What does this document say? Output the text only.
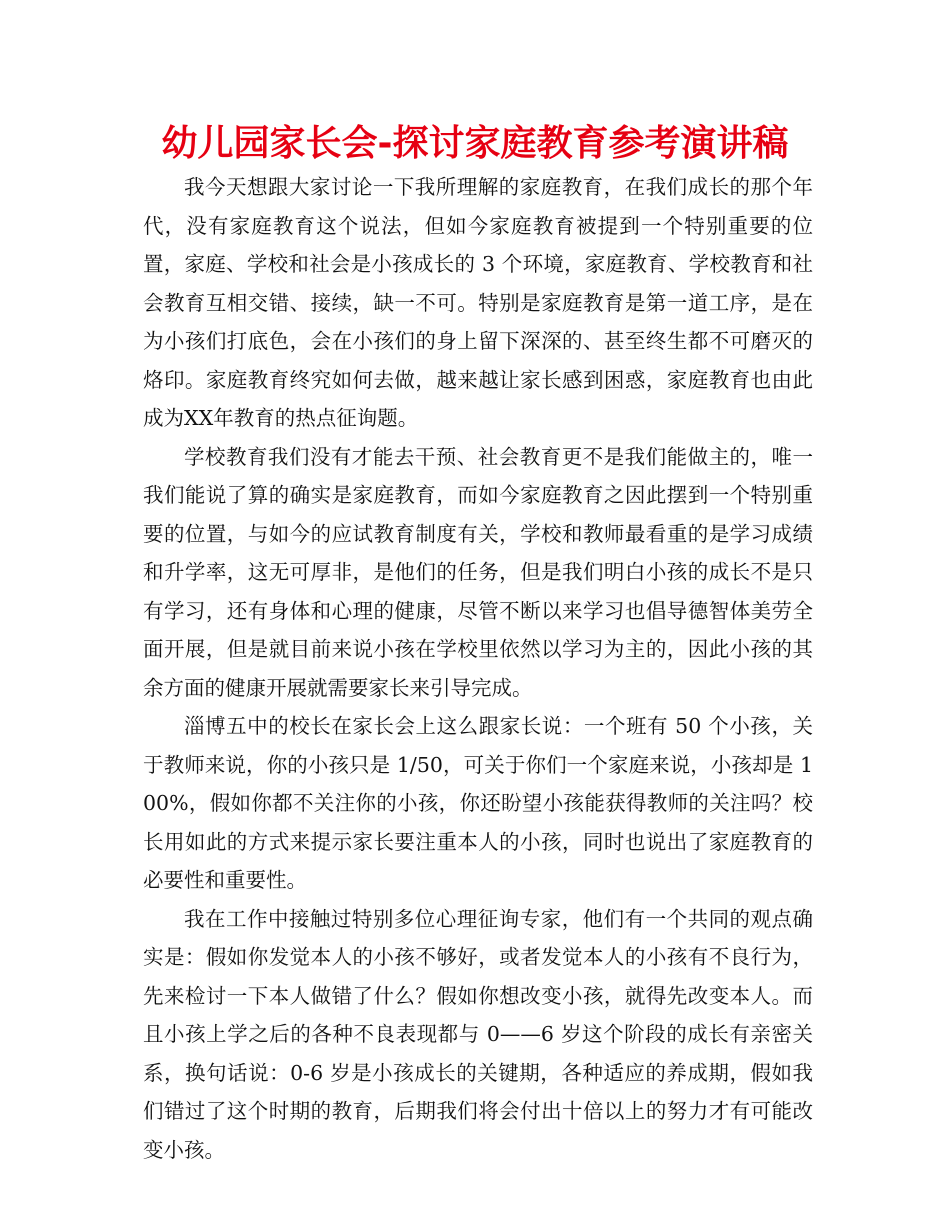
幼儿园家长会-探讨家庭教育参考演讲稿

我今天想跟大家讨论一下我所理解的家庭教育，在我们成长的那个年代，没有家庭教育这个说法，但如今家庭教育被提到一个特别重要的位置，家庭、学校和社会是小孩成长的 3 个环境，家庭教育、学校教育和社会教育互相交错、接续，缺一不可。特别是家庭教育是第一道工序，是在为小孩们打底色，会在小孩们的身上留下深深的、甚至终生都不可磨灭的烙印。家庭教育终究如何去做，越来越让家长感到困惑，家庭教育也由此成为XX年教育的热点征询题。

学校教育我们没有才能去干预、社会教育更不是我们能做主的，唯一我们能说了算的确实是家庭教育，而如今家庭教育之因此摆到一个特别重要的位置，与如今的应试教育制度有关，学校和教师最看重的是学习成绩和升学率，这无可厚非，是他们的任务，但是我们明白小孩的成长不是只有学习，还有身体和心理的健康，尽管不断以来学习也倡导德智体美劳全面开展，但是就目前来说小孩在学校里依然以学习为主的，因此小孩的其余方面的健康开展就需要家长来引导完成。

淄博五中的校长在家长会上这么跟家长说：一个班有 50 个小孩，关于教师来说，你的小孩只是 1/50，可关于你们一个家庭来说，小孩却是 100%，假如你都不关注你的小孩，你还盼望小孩能获得教师的关注吗？校长用如此的方式来提示家长要注重本人的小孩，同时也说出了家庭教育的必要性和重要性。

我在工作中接触过特别多位心理征询专家，他们有一个共同的观点确实是：假如你发觉本人的小孩不够好，或者发觉本人的小孩有不良行为，先来检讨一下本人做错了什么？假如你想改变小孩，就得先改变本人。而且小孩上学之后的各种不良表现都与 0——6 岁这个阶段的成长有亲密关系，换句话说：0-6 岁是小孩成长的关键期，各种适应的养成期，假如我们错过了这个时期的教育，后期我们将会付出十倍以上的努力才有可能改变小孩。
